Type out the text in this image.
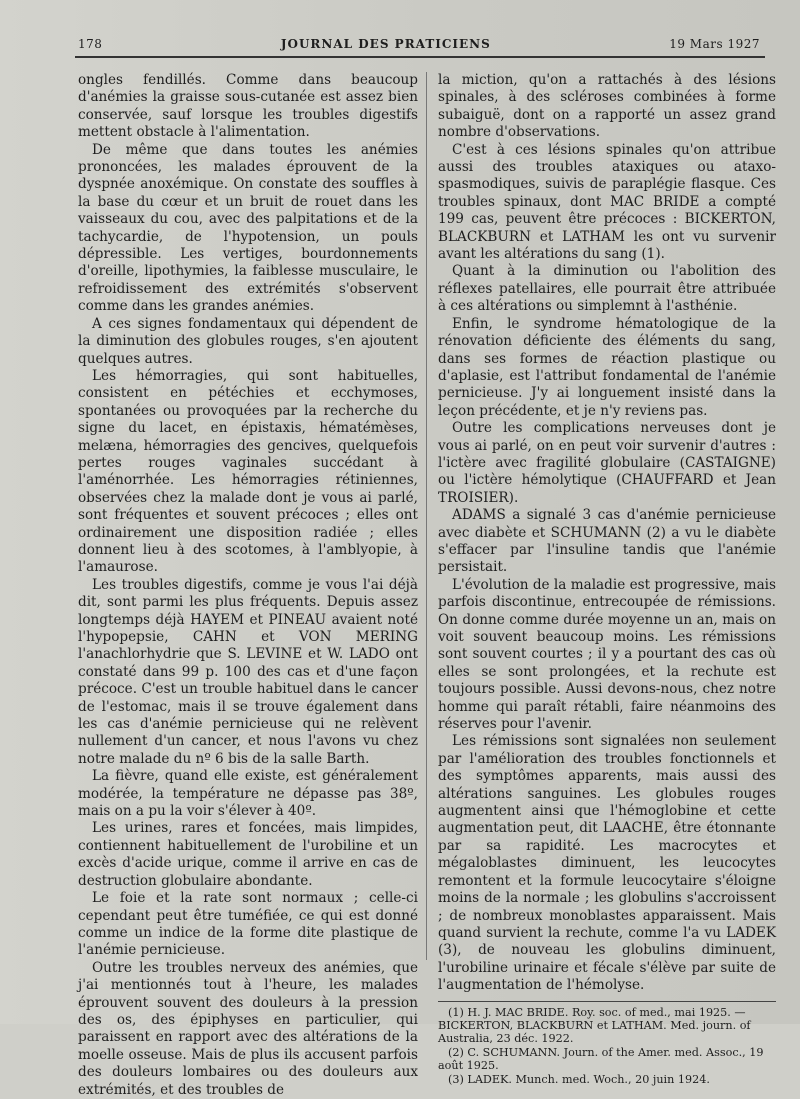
178	JOURNAL DES PRATICIENS	19 Mars 1927

ongles fendillés. Comme dans beaucoup d'anémies la graisse sous-cutanée est assez bien conservée, sauf lorsque les troubles digestifs mettent obstacle à l'alimentation.

De même que dans toutes les anémies prononcées, les malades éprouvent de la dyspnée anoxémique. On constate des souffles à la base du cœur et un bruit de rouet dans les vaisseaux du cou, avec des palpitations et de la tachycardie, de l'hypotension, un pouls dépressible. Les vertiges, bourdonnements d'oreille, lipothymies, la faiblesse musculaire, le refroidissement des extrémités s'observent comme dans les grandes anémies.

A ces signes fondamentaux qui dépendent de la diminution des globules rouges, s'en ajoutent quelques autres.

Les hémorragies, qui sont habituelles, consistent en pétéchies et ecchymoses, spontanées ou provoquées par la recherche du signe du lacet, en épistaxis, hématémèses, melæna, hémorragies des gencives, quelquefois pertes rouges vaginales succédant à l'aménorrhée. Les hémorragies rétiniennes, observées chez la malade dont je vous ai parlé, sont fréquentes et souvent précoces ; elles ont ordinairement une disposition radiée ; elles donnent lieu à des scotomes, à l'amblyopie, à l'amaurose.

Les troubles digestifs, comme je vous l'ai déjà dit, sont parmi les plus fréquents. Depuis assez longtemps déjà HAYEM et PINEAU avaient noté l'hypopepsie, CAHN et VON MERING l'anachlorhydrie que S. LEVINE et W. LADO ont constaté dans 99 p. 100 des cas et d'une façon précoce. C'est un trouble habituel dans le cancer de l'estomac, mais il se trouve également dans les cas d'anémie pernicieuse qui ne relèvent nullement d'un cancer, et nous l'avons vu chez notre malade du nº 6 bis de la salle Barth.

La fièvre, quand elle existe, est généralement modérée, la température ne dépasse pas 38º, mais on a pu la voir s'élever à 40º.

Les urines, rares et foncées, mais limpides, contiennent habituellement de l'urobiline et un excès d'acide urique, comme il arrive en cas de destruction globulaire abondante.

Le foie et la rate sont normaux ; celle-ci cependant peut être tuméfiée, ce qui est donné comme un indice de la forme dite plastique de l'anémie pernicieuse.

Outre les troubles nerveux des anémies, que j'ai mentionnés tout à l'heure, les malades éprouvent souvent des douleurs à la pression des os, des épiphyses en particulier, qui paraissent en rapport avec des altérations de la moelle osseuse. Mais de plus ils accusent parfois des douleurs lombaires ou des douleurs aux extrémités, et des troubles de

la miction, qu'on a rattachés à des lésions spinales, à des scléroses combinées à forme subaiguë, dont on a rapporté un assez grand nombre d'observations.

C'est à ces lésions spinales qu'on attribue aussi des troubles ataxiques ou ataxo-spasmodiques, suivis de paraplégie flasque. Ces troubles spinaux, dont MAC BRIDE a compté 199 cas, peuvent être précoces : BICKERTON, BLACKBURN et LATHAM les ont vu survenir avant les altérations du sang (1).

Quant à la diminution ou l'abolition des réflexes patellaires, elle pourrait être attribuée à ces altérations ou simplemnt à l'asthénie.

Enfin, le syndrome hématologique de la rénovation déficiente des éléments du sang, dans ses formes de réaction plastique ou d'aplasie, est l'attribut fondamental de l'anémie pernicieuse. J'y ai longuement insisté dans la leçon précédente, et je n'y reviens pas.

Outre les complications nerveuses dont je vous ai parlé, on en peut voir survenir d'autres : l'ictère avec fragilité globulaire (CASTAIGNE) ou l'ictère hémolytique (CHAUFFARD et Jean TROISIER).

ADAMS a signalé 3 cas d'anémie pernicieuse avec diabète et SCHUMANN (2) a vu le diabète s'effacer par l'insuline tandis que l'anémie persistait.

L'évolution de la maladie est progressive, mais parfois discontinue, entrecoupée de rémissions. On donne comme durée moyenne un an, mais on voit souvent beaucoup moins. Les rémissions sont souvent courtes ; il y a pourtant des cas où elles se sont prolongées, et la rechute est toujours possible. Aussi devons-nous, chez notre homme qui paraît rétabli, faire néanmoins des réserves pour l'avenir.

Les rémissions sont signalées non seulement par l'amélioration des troubles fonctionnels et des symptômes apparents, mais aussi des altérations sanguines. Les globules rouges augmentent ainsi que l'hémoglobine et cette augmentation peut, dit LAACHE, être étonnante par sa rapidité. Les macrocytes et mégaloblastes diminuent, les leucocytes remontent et la formule leucocytaire s'éloigne moins de la normale ; les globulins s'accroissent ; de nombreux monoblastes apparaissent. Mais quand survient la rechute, comme l'a vu LADEK (3), de nouveau les globulins diminuent, l'urobiline urinaire et fécale s'élève par suite de l'augmentation de l'hémolyse.

(1) H. J. MAC BRIDE. Roy. soc. of med., mai 1925. — BICKERTON, BLACKBURN et LATHAM. Med. journ. of Australia, 23 déc. 1922.
(2) C. SCHUMANN. Journ. of the Amer. med. Assoc., 19 août 1925.
(3) LADEK. Munch. med. Woch., 20 juin 1924.
